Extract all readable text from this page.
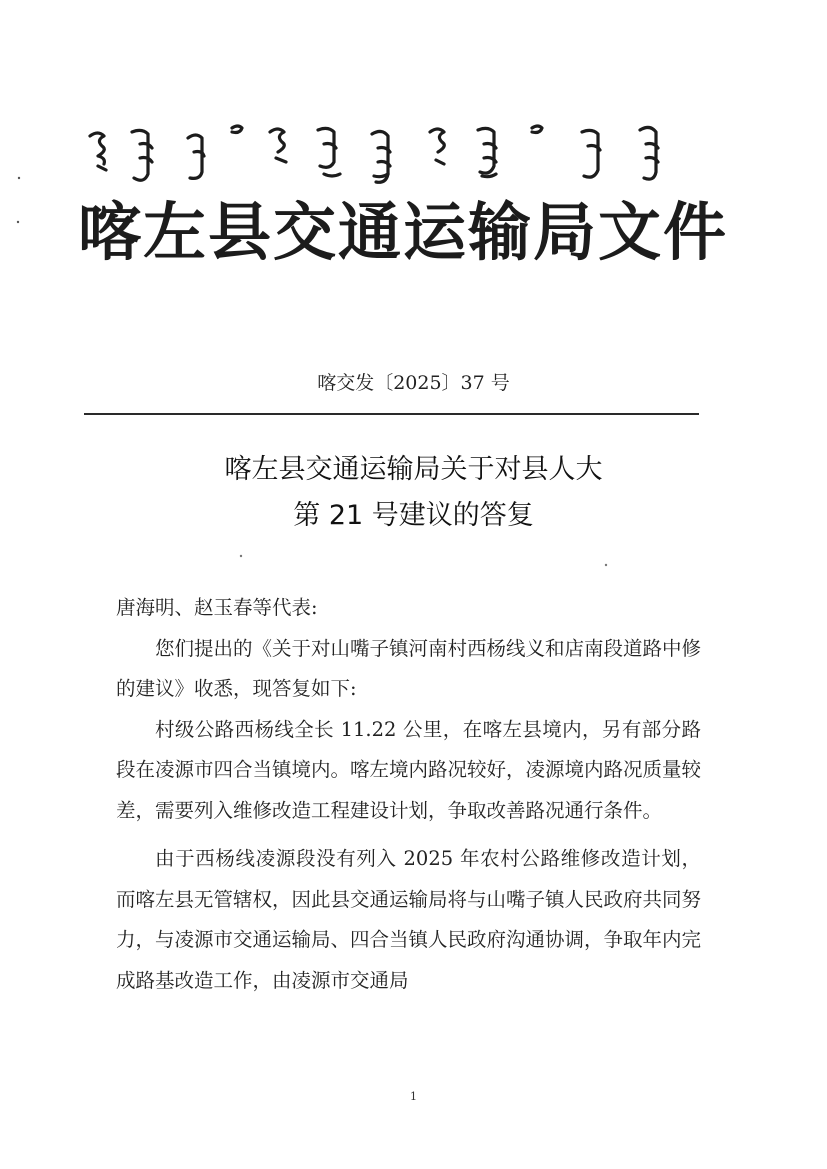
喀左县交通运输局文件
喀交发〔2025〕37 号
喀左县交通运输局关于对县人大
第 21 号建议的答复

唐海明、赵玉春等代表:

您们提出的《关于对山嘴子镇河南村西杨线义和店南段道路中修的建议》收悉，现答复如下:

村级公路西杨线全长 11.22 公里，在喀左县境内，另有部分路段在凌源市四合当镇境内。喀左境内路况较好，凌源境内路况质量较差，需要列入维修改造工程建设计划，争取改善路况通行条件。

由于西杨线凌源段没有列入 2025 年农村公路维修改造计划，而喀左县无管辖权，因此县交通运输局将与山嘴子镇人民政府共同努力，与凌源市交通运输局、四合当镇人民政府沟通协调，争取年内完成路基改造工作，由凌源市交通局

1
